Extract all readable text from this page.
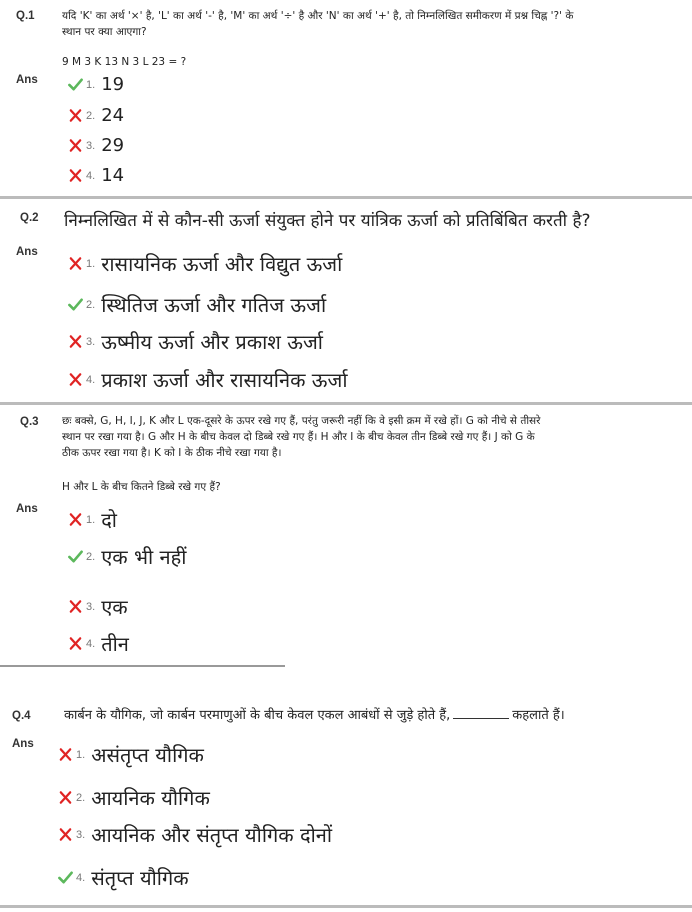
Q.1	यदि 'K' का अर्थ '×' है, 'L' का अर्थ '-' है, 'M' का अर्थ '÷' है और 'N' का अर्थ '+' है, तो निम्नलिखित समीकरण में प्रश्न चिह्न '?' के
स्थान पर क्या आएगा?
9 M 3 K 13 N 3 L 23 = ?
Ans	1. 19
2. 24
3. 29
4. 14
Q.2 निम्नलिखित में से कौन-सी ऊर्जा संयुक्त होने पर यांत्रिक ऊर्जा को प्रतिबिंबित करती है?
Ans
1. रासायनिक ऊर्जा और विद्युत ऊर्जा
2. स्थितिज ऊर्जा और गतिज ऊर्जा
3. ऊष्मीय ऊर्जा और प्रकाश ऊर्जा
4. प्रकाश ऊर्जा और रासायनिक ऊर्जा
Q.3 छः बक्से, G, H, I, J, K और L एक-दूसरे के ऊपर रखे गए हैं, परंतु जरूरी नहीं कि वे इसी क्रम में रखे हों। G को नीचे से तीसरे
स्थान पर रखा गया है। G और H के बीच केवल दो डिब्बे रखे गए हैं। H और I के बीच केवल तीन डिब्बे रखे गए हैं। J को G के
ठीक ऊपर रखा गया है। K को I के ठीक नीचे रखा गया है।
H और L के बीच कितने डिब्बे रखे गए हैं?
Ans
1. दो
2. एक भी नहीं
3. एक
4. तीन
Q.4	कार्बन के यौगिक, जो कार्बन परमाणुओं के बीच केवल एकल आबंधों से जुड़े होते हैं,	कहलाते हैं।
Ans
1. असंतृप्त यौगिक
2. आयनिक यौगिक
3. आयनिक और संतृप्त यौगिक दोनों
4. संतृप्त यौगिक
